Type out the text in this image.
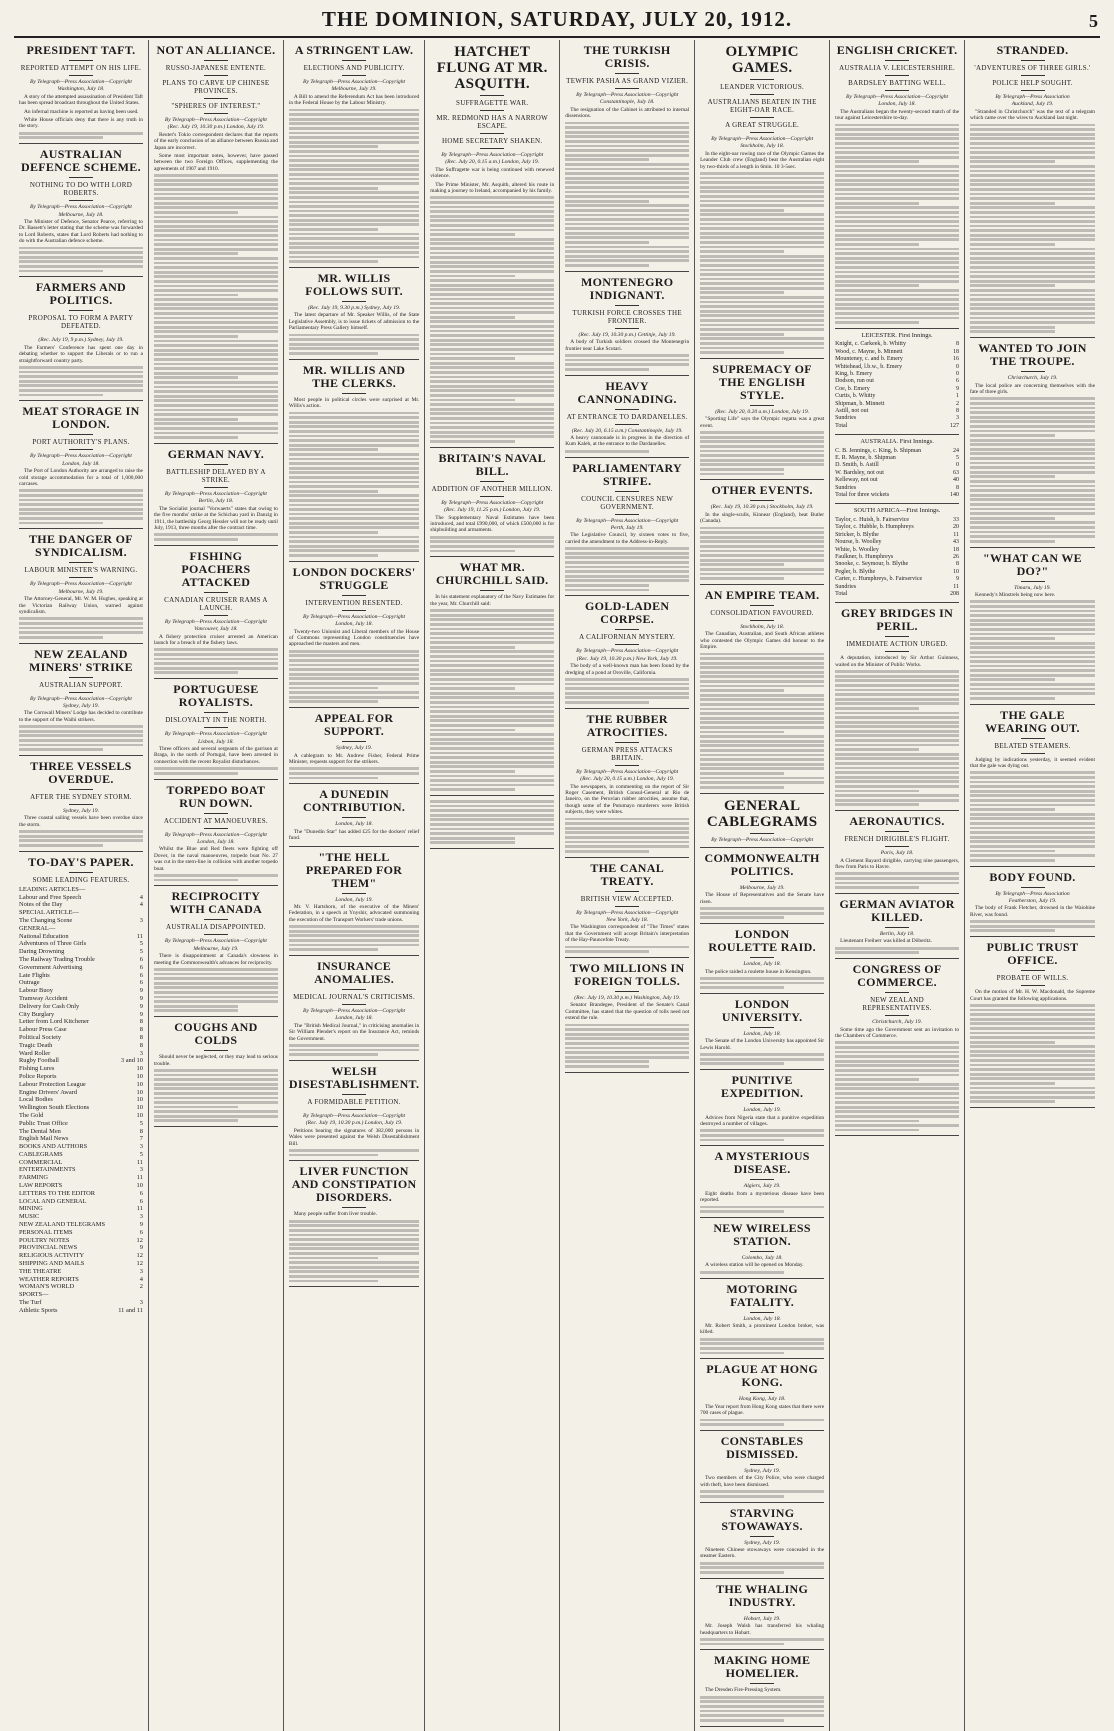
THE DOMINION, SATURDAY, JULY 20, 1912.	5
PRESIDENT TAFT.
REPORTED ATTEMPT ON HIS LIFE.
By Telegraph—Press Association—Copyright
Washington, July 18.

A story of the attempted assassination of President Taft has been spread broadcast throughout the United States.

An infernal machine is reported as having been used.

White House officials deny that there is any truth in the story.

AUSTRALIAN DEFENCE SCHEME.
NOTHING TO DO WITH LORD ROBERTS.
By Telegraph—Press Association—Copyright
Melbourne, July 18.

The Minister of Defence, Senator Pearce, referring to Dr. Bassett's letter stating that the scheme was forwarded to Lord Roberts, states that Lord Roberts had nothing to do with the Australian defence scheme.

FARMERS AND POLITICS.
PROPOSAL TO FORM A PARTY DEFEATED.
(Rec. July 19, 9 p.m.) Sydney, July 19.

The Farmers' Conference has spent one day in debating whether to support the Liberals or to run a straightforward country party.

MEAT STORAGE IN LONDON.
PORT AUTHORITY'S PLANS.
By Telegraph—Press Association—Copyright
London, July 18.

The Port of London Authority are arranged to raise the cold storage accommodation for a total of 1,000,000 carcases.

THE DANGER OF SYNDICALISM.
LABOUR MINISTER'S WARNING.
By Telegraph—Press Association—Copyright
Melbourne, July 19.

The Attorney-General, Mr. W. M. Hughes, speaking at the Victorian Railway Union, warned against syndicalism.

NEW ZEALAND MINERS' STRIKE
AUSTRALIAN SUPPORT.
By Telegraph—Press Association—Copyright
Sydney, July 19.

The Cornwall Miners' Lodge has decided to contribute to the support of the Waihi strikers.

THREE VESSELS OVERDUE.
AFTER THE SYDNEY STORM.
Sydney, July 19.

Three coastal sailing vessels have been overdue since the storm.

TO-DAY'S PAPER.
SOME LEADING FEATURES.
LEADING ARTICLES—
Labour and Free Speech	4
Notes of the Day	4
SPECIAL ARTICLE—
The Changing Scene	3
GENERAL—
National Education	11
Adventures of Three Girls	5
Daring Drowning	5
The Railway Trading Trouble	6
Government Advertising	6
Late Flights	6
Outrage	6
Labour Buoy	9
Tramway Accident	9
Delivery for Cash Only	9
City Burglary	9
Letter from Lord Kitchener	8
Labour Press Case	8
Political Society	8
Tragic Death	8
Ward Roller	3
Rugby Football	3 and 10
Fishing Lures	10
Police Reports	10
Labour Protection League	10
Engine Drivers' Award	10
Local Bodies	10
Wellington South Elections	10
The Gold	10
Public Trust Office	5
The Dental Men	8
English Mail News	7
BOOKS AND AUTHORS	3
CABLEGRAMS	5
COMMERCIAL	11
ENTERTAINMENTS	3
FARMING	11
LAW REPORTS	10
LETTERS TO THE EDITOR	6
LOCAL AND GENERAL	6
MINING	11
MUSIC	3
NEW ZEALAND TELEGRAMS	9
PERSONAL ITEMS	6
POULTRY NOTES	12
PROVINCIAL NEWS	9
RELIGIOUS ACTIVITY	12
SHIPPING AND MAILS	12
THE THEATRE	3
WEATHER REPORTS	4
WOMAN'S WORLD	2
SPORTS—
The Turf	3
Athletic Sports	11 and 11
NOT AN ALLIANCE.
RUSSO-JAPANESE ENTENTE.
PLANS TO CARVE UP CHINESE PROVINCES.
"SPHERES OF INTEREST."
By Telegraph—Press Association—Copyright
(Rec. July 19, 10.30 p.m.) London, July 19.

Reuter's Tokio correspondent declares that the reports of the early conclusion of an alliance between Russia and Japan are incorrect.

Some most important notes, however, have passed between the two Foreign Offices, supplementing the agreements of 1907 and 1910.

GERMAN NAVY.
BATTLESHIP DELAYED BY A STRIKE.
By Telegraph—Press Association—Copyright
Berlin, July 18.

The Socialist journal "Vorwaerts" states that owing to the five months' strike at the Schichau yard in Danzig in 1911, the battleship Georg Hessler will not be ready until July, 1913, three months after the contract time.

FISHING POACHERS ATTACKED
CANADIAN CRUISER RAMS A LAUNCH.
By Telegraph—Press Association—Copyright
Vancouver, July 18.

A fishery protection cruiser arrested an American launch for a breach of the fishery laws.

PORTUGUESE ROYALISTS.
DISLOYALTY IN THE NORTH.
By Telegraph—Press Association—Copyright
Lisbon, July 18.

Three officers and several sergeants of the garrison at Braga, in the north of Portugal, have been arrested in connection with the recent Royalist disturbances.

TORPEDO BOAT RUN DOWN.
ACCIDENT AT MANOEUVRES.
By Telegraph—Press Association—Copyright
London, July 18.

Whilst the Blue and Red fleets were fighting off Dover, in the naval manoeuvres, torpedo boat No. 27 was cut in the stern-line in collision with another torpedo boat.

RECIPROCITY WITH CANADA
AUSTRALIA DISAPPOINTED.
By Telegraph—Press Association—Copyright
Melbourne, July 19.

There is disappointment at Canada's slowness in meeting the Commonwealth's advances for reciprocity.

COUGHS AND COLDS

Should never be neglected, or they may lead to serious trouble.

A STRINGENT LAW.
ELECTIONS AND PUBLICITY.
By Telegraph—Press Association—Copyright
Melbourne, July 19.

A Bill to amend the Referendum Act has been introduced in the Federal House by the Labour Ministry.

MR. WILLIS FOLLOWS SUIT.
(Rec. July 19, 9.30 p.m.) Sydney, July 19.

The latest departure of Mr. Speaker Willis, of the State Legislative Assembly, is to issue tickets of admission to the Parliamentary Press Gallery himself.

MR. WILLIS AND THE CLERKS.

Most people in political circles were surprised at Mr. Willis's action.

LONDON DOCKERS' STRUGGLE
INTERVENTION RESENTED.
By Telegraph—Press Association—Copyright
London, July 18.

Twenty-two Unionist and Liberal members of the House of Commons representing London constituencies have approached the masters and men.

APPEAL FOR SUPPORT.
Sydney, July 19.

A cablegram to Mr. Andrew Fisher, Federal Prime Minister, requests support for the strikers.

A DUNEDIN CONTRIBUTION.
London, July 18.

The "Dunedin Star" has added £25 for the dockers' relief fund.

"THE HELL PREPARED FOR THEM"
London, July 19.

Mr. V. Hartshorn, of the executive of the Miners' Federation, in a speech at Ynyshir, advocated summoning the execution of the Transport Workers' trade unions.

INSURANCE ANOMALIES.
MEDICAL JOURNAL'S CRITICISMS.
By Telegraph—Press Association—Copyright
London, July 18.

The "British Medical Journal," in criticising anomalies in Sir William Plender's report on the Insurance Act, reminds the Government.

WELSH DISESTABLISHMENT.
A FORMIDABLE PETITION.
By Telegraph—Press Association—Copyright
(Rec. July 19, 10.30 p.m.) London, July 19.

Petitions bearing the signatures of 382,000 persons in Wales were presented against the Welsh Disestablishment Bill.

LIVER FUNCTION AND CONSTIPATION DISORDERS.

Many people suffer from liver trouble.

HATCHET FLUNG AT MR. ASQUITH.
SUFFRAGETTE WAR.
MR. REDMOND HAS A NARROW ESCAPE.
HOME SECRETARY SHAKEN.
By Telegraph—Press Association—Copyright
(Rec. July 20, 0.15 a.m.) London, July 19.

The Suffragette war is being continued with renewed violence.

The Prime Minister, Mr. Asquith, altered his route in making a journey to Ireland, accompanied by his family.

BRITAIN'S NAVAL BILL.
ADDITION OF ANOTHER MILLION.
By Telegraph—Press Association—Copyright
(Rec. July 19, 11.25 p.m.) London, July 19.

The Supplementary Naval Estimates have been introduced, and total £990,000, of which £500,000 is for shipbuilding and armaments.

WHAT MR. CHURCHILL SAID.

In his statement explanatory of the Navy Estimates for the year, Mr. Churchill said:

THE TURKISH CRISIS.
TEWFIK PASHA AS GRAND VIZIER.
By Telegraph—Press Association—Copyright
Constantinople, July 18.

The resignation of the Cabinet is attributed to internal dissensions.

MONTENEGRO INDIGNANT.
TURKISH FORCE CROSSES THE FRONTIER.
(Rec. July 19, 10.30 p.m.) Cettinje, July 19.

A body of Turkish soldiers crossed the Montenegrin frontier near Lake Scutari.

HEAVY CANNONADING.
AT ENTRANCE TO DARDANELLES.
(Rec. July 20, 6.15 a.m.) Constantinople, July 19.

A heavy cannonade is in progress in the direction of Kum Kaleh, at the entrance to the Dardanelles.

PARLIAMENTARY STRIFE.
COUNCIL CENSURES NEW GOVERNMENT.
By Telegraph—Press Association—Copyright
Perth, July 19.

The Legislative Council, by sixteen votes to five, carried the amendment to the Address-in-Reply.

GOLD-LADEN CORPSE.
A CALIFORNIAN MYSTERY.
By Telegraph—Press Association—Copyright
(Rec. July 19, 10.30 p.m.) New York, July 19.

The body of a well-known man has been found by the dredging of a pond at Oroville, California.

THE RUBBER ATROCITIES.
GERMAN PRESS ATTACKS BRITAIN.
By Telegraph—Press Association—Copyright
(Rec. July 20, 0.15 a.m.) London, July 19.

The newspapers, in commenting on the report of Sir Roger Casement, British Consul-General at Rio de Janeiro, on the Peruvian rubber atrocities, assume that, though some of the Putumayo murderers were British subjects, they were whites.

THE CANAL TREATY.
BRITISH VIEW ACCEPTED.
By Telegraph—Press Association—Copyright
New York, July 18.

The Washington correspondent of "The Times" states that the Government will accept Britain's interpretation of the Hay-Pauncefote Treaty.

TWO MILLIONS IN FOREIGN TOLLS.
(Rec. July 19, 10.30 p.m.) Washington, July 19.

Senator Brandegee, President of the Senate's Canal Committee, has stated that the question of tolls need not extend the rule.

OLYMPIC GAMES.
LEANDER VICTORIOUS.
AUSTRALIANS BEATEN IN THE EIGHT-OAR RACE.
A GREAT STRUGGLE.
By Telegraph—Press Association—Copyright
Stockholm, July 18.

In the eight-oar rowing race of the Olympic Games the Leander Club crew (England) beat the Australian eight by two-thirds of a length in 6min. 10 3-5sec.

SUPREMACY OF THE ENGLISH STYLE.
(Rec. July 20, 0.20 a.m.) London, July 19.

"Sporting Life" says the Olympic regatta was a great event.

OTHER EVENTS.
(Rec. July 19, 10.30 p.m.) Stockholm, July 19.

In the single-sculls, Kinnear (England), beat Butler (Canada).

AN EMPIRE TEAM.
CONSOLIDATION FAVOURED.
Stockholm, July 18.

The Canadian, Australian, and South African athletes who contested the Olympic Games did honour to the Empire.

GENERAL CABLEGRAMS
By Telegraph—Press Association—Copyright
COMMONWEALTH POLITICS.
Melbourne, July 19.

The House of Representatives and the Senate have risen.

LONDON ROULETTE RAID.
London, July 18.

The police raided a roulette house in Kensington.

LONDON UNIVERSITY.
London, July 18.

The Senate of the London University has appointed Sir Lewis Harold.

PUNITIVE EXPEDITION.
London, July 19.

Advices from Nigeria state that a punitive expedition destroyed a number of villages.

A MYSTERIOUS DISEASE.
Algiers, July 19.

Eight deaths from a mysterious disease have been reported.

NEW WIRELESS STATION.
Colombo, July 18.

A wireless station will be opened on Monday.

MOTORING FATALITY.
London, July 18.

Mr. Robert Smith, a prominent London broker, was killed.

PLAGUE AT HONG KONG.
Hong Kong, July 18.

The Year report from Hong Kong states that there were 700 cases of plague.

CONSTABLES DISMISSED.
Sydney, July 19.

Two members of the City Police, who were charged with theft, have been dismissed.

STARVING STOWAWAYS.
Sydney, July 19.

Nineteen Chinese stowaways were concealed in the steamer Eastern.

THE WHALING INDUSTRY.
Hobart, July 19.

Mr. Joseph Walsh has transferred his whaling headquarters to Hobart.

MAKING HOME HOMELIER.

The Dresden Fire-Pressing System.

ENGLISH CRICKET.
AUSTRALIA V. LEICESTERSHIRE.
BARDSLEY BATTING WELL.
By Telegraph—Press Association—Copyright
London, July 18.

The Australians began the twenty-second match of the tour against Leicestershire to-day.

LEICESTER. First Innings.
Knight, c. Carkeek, b. Whitty	8
Wood, c. Mayne, b. Minnett	18
Mounteney, c. and b. Emery	16
Whitehead, l.b.w., b. Emery	0
King, b. Emery	0
Dodson, run out	6
Coe, b. Emery	9
Curtis, b. Whitty	1
Shipman, b. Minnett	2
Astill, not out	8
Sundries	3
Total	127
AUSTRALIA. First Innings.
C. B. Jennings, c. King, b. Shipman	24
E. R. Mayne, b. Shipman	5
D. Smith, b. Astill	0
W. Bardsley, not out	63
Kelleway, not out	40
Sundries	8
Total for three wickets	140
SOUTH AFRICA—First Innings.
Taylor, c. Huish, b. Fairservice	33
Taylor, c. Hubble, b. Humphreys	20
Stricker, b. Blythe	11
Nourse, b. Woolley	43
White, b. Woolley	18
Faulkner, b. Humphreys	26
Snooke, c. Seymour, b. Blythe	8
Pegler, b. Blythe	10
Carter, c. Humphreys, b. Fairservice	9
Sundries	11
Total	208
GREY BRIDGES IN PERIL.
IMMEDIATE ACTION URGED.

A deputation, introduced by Sir Arthur Guinness, waited on the Minister of Public Works.

AERONAUTICS.
FRENCH DIRIGIBLE'S FLIGHT.
Paris, July 18.

A Clement Bayard dirigible, carrying nine passengers, flew from Paris to Havre.

GERMAN AVIATOR KILLED.
Berlin, July 18.

Lieutenant Freiherr was killed at Döberitz.

CONGRESS OF COMMERCE.
NEW ZEALAND REPRESENTATIVES.
Christchurch, July 19.

Some time ago the Government sent an invitation to the Chambers of Commerce.

STRANDED.
'ADVENTURES OF THREE GIRLS.'
POLICE HELP SOUGHT.
By Telegraph—Press Association
Auckland, July 19.

"Stranded in Christchurch" was the text of a telegram which came over the wires to Auckland last night.

WANTED TO JOIN THE TROUPE.
Christchurch, July 19.

The local police are concerning themselves with the fate of three girls.

"WHAT CAN WE DO?"
Timaru, July 19.

Kennedy's Minstrels being now here.

THE GALE WEARING OUT.
BELATED STEAMERS.

Judging by indications yesterday, it seemed evident that the gale was dying out.

BODY FOUND.
By Telegraph—Press Association
Featherston, July 19.

The body of Frank Fletcher, drowned in the Waiohine River, was found.

PUBLIC TRUST OFFICE.
PROBATE OF WILLS.

On the motion of Mr. H. W. Macdonald, the Supreme Court has granted the following applications.
